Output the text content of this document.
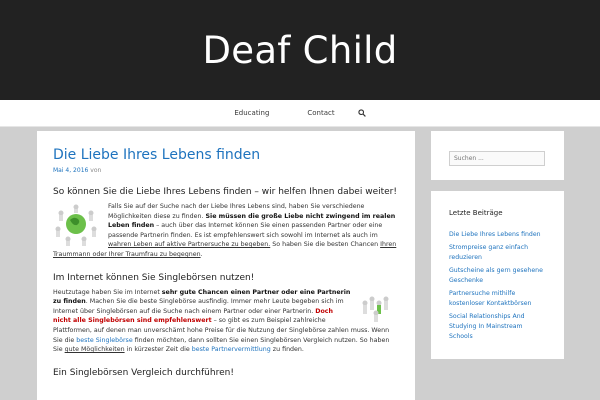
Deaf Child
Educating	Contact
Die Liebe Ihres Lebens finden
Mai 4, 2016 von
So können Sie die Liebe Ihres Lebens finden – wir helfen Ihnen dabei weiter!

Falls Sie auf der Suche nach der Liebe Ihres Lebens sind, haben Sie verschiedene Möglichkeiten diese zu finden. Sie müssen die große Liebe nicht zwingend im realen Leben finden – auch über das Internet können Sie einen passenden Partner oder eine passende Partnerin finden. Es ist empfehlenswert sich sowohl im Internet als auch im wahren Leben auf aktive Partnersuche zu begeben. So haben Sie die besten Chancen Ihren Traummann oder Ihrer Traumfrau zu begegnen.

Im Internet können Sie Singlebörsen nutzen!

Heutzutage haben Sie im Internet sehr gute Chancen einen Partner oder eine Partnerin zu finden. Machen Sie die beste Singlebörse ausfindig. Immer mehr Leute begeben sich im Internet über Singlebörsen auf die Suche nach einem Partner oder einer Partnerin. Doch nicht alle Singlebörsen sind empfehlenswert – so gibt es zum Beispiel zahlreiche Plattformen, auf denen man unverschämt hohe Preise für die Nutzung der Singlebörse zahlen muss. Wenn Sie die beste Singlebörse finden möchten, dann sollten Sie einen Singlebörsen Vergleich nutzen. So haben Sie gute Möglichkeiten in kürzester Zeit die beste Partnervermittlung zu finden.

Ein Singlebörsen Vergleich durchführen!
Suchen ...
Letzte Beiträge
Die Liebe Ihres Lebens finden
Strompreise ganz einfach reduzieren
Gutscheine als gern gesehene Geschenke
Partnersuche mithilfe kostenloser Kontaktbörsen
Social Relationships And Studying In Mainstream Schools
